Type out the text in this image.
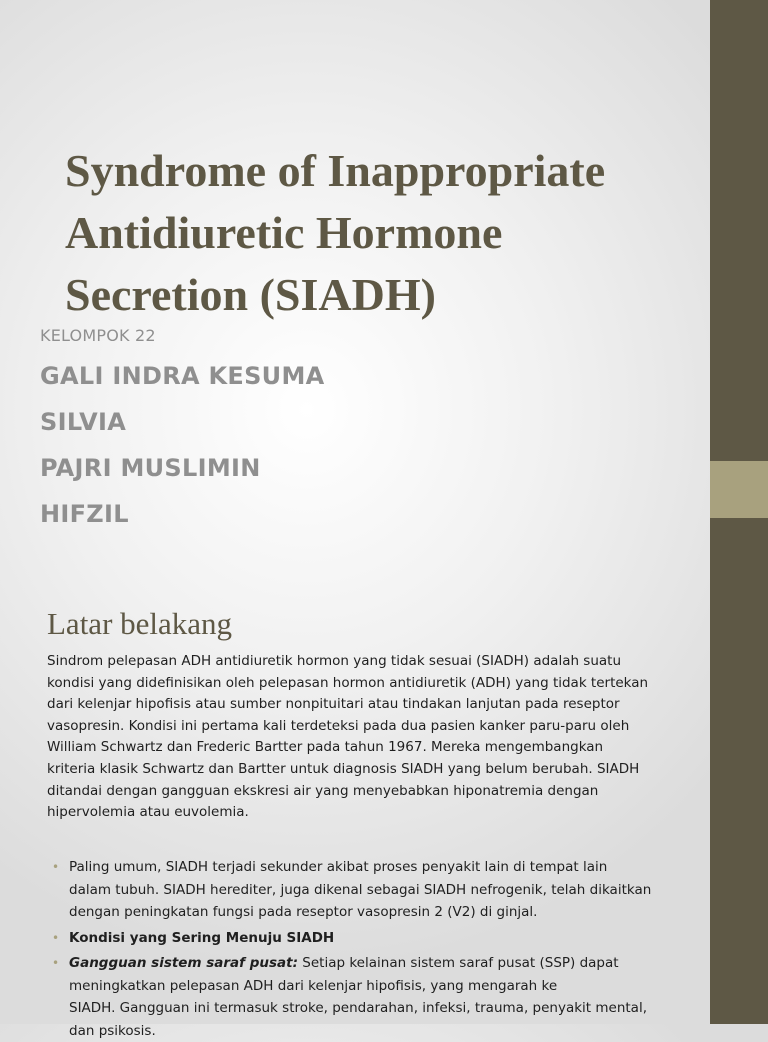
Syndrome of Inappropriate
Antidiuretic Hormone
Secretion (SIADH)
KELOMPOK 22
GALI INDRA KESUMA
SILVIA
PAJRI MUSLIMIN
HIFZIL
Latar belakang
Sindrom pelepasan ADH antidiuretik hormon yang tidak sesuai (SIADH) adalah suatu
kondisi yang didefinisikan oleh pelepasan hormon antidiuretik (ADH) yang tidak tertekan
dari kelenjar hipofisis atau sumber nonpituitari atau tindakan lanjutan pada reseptor
vasopresin. Kondisi ini pertama kali terdeteksi pada dua pasien kanker paru-paru oleh
William Schwartz dan Frederic Bartter pada tahun 1967. Mereka mengembangkan
kriteria klasik Schwartz dan Bartter untuk diagnosis SIADH yang belum berubah. SIADH
ditandai dengan gangguan ekskresi air yang menyebabkan hiponatremia dengan
hipervolemia atau euvolemia.
• Paling umum, SIADH terjadi sekunder akibat proses penyakit lain di tempat lain
dalam tubuh. SIADH herediter, juga dikenal sebagai SIADH nefrogenik, telah dikaitkan
dengan peningkatan fungsi pada reseptor vasopresin 2 (V2) di ginjal.
• Kondisi yang Sering Menuju SIADH
• Gangguan sistem saraf pusat: Setiap kelainan sistem saraf pusat (SSP) dapat
meningkatkan pelepasan ADH dari kelenjar hipofisis, yang mengarah ke
SIADH. Gangguan ini termasuk stroke, pendarahan, infeksi, trauma, penyakit mental,
dan psikosis.
